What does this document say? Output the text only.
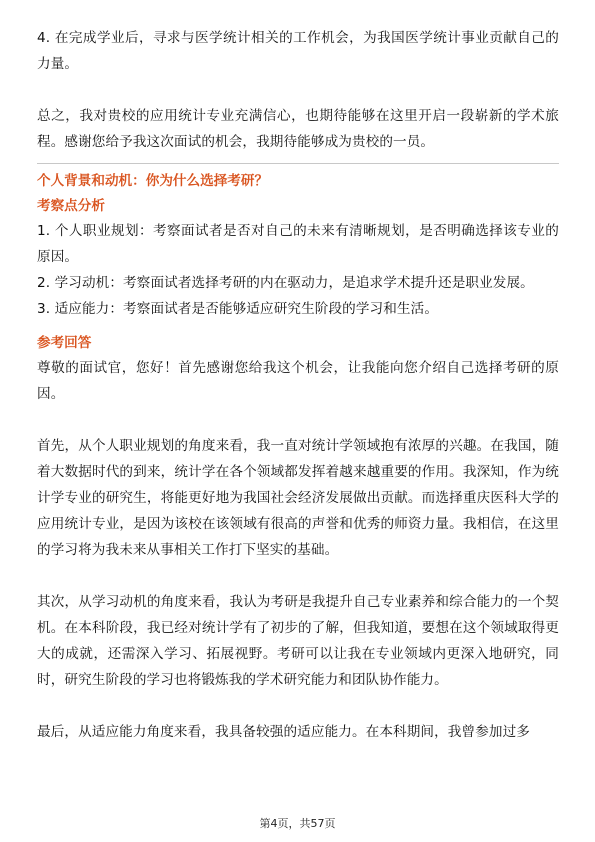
4. 在完成学业后，寻求与医学统计相关的工作机会，为我国医学统计事业贡献自己的力量。

总之，我对贵校的应用统计专业充满信心，也期待能够在这里开启一段崭新的学术旅程。感谢您给予我这次面试的机会，我期待能够成为贵校的一员。

个人背景和动机：你为什么选择考研？

考察点分析

1. 个人职业规划：考察面试者是否对自己的未来有清晰规划，是否明确选择该专业的原因。

2. 学习动机：考察面试者选择考研的内在驱动力，是追求学术提升还是职业发展。

3. 适应能力：考察面试者是否能够适应研究生阶段的学习和生活。

参考回答

尊敬的面试官，您好！首先感谢您给我这个机会，让我能向您介绍自己选择考研的原因。

首先，从个人职业规划的角度来看，我一直对统计学领域抱有浓厚的兴趣。在我国，随着大数据时代的到来，统计学在各个领域都发挥着越来越重要的作用。我深知，作为统计学专业的研究生，将能更好地为我国社会经济发展做出贡献。而选择重庆医科大学的应用统计专业，是因为该校在该领域有很高的声誉和优秀的师资力量。我相信，在这里的学习将为我未来从事相关工作打下坚实的基础。

其次，从学习动机的角度来看，我认为考研是我提升自己专业素养和综合能力的一个契机。在本科阶段，我已经对统计学有了初步的了解，但我知道，要想在这个领域取得更大的成就，还需深入学习、拓展视野。考研可以让我在专业领域内更深入地研究，同时，研究生阶段的学习也将锻炼我的学术研究能力和团队协作能力。

最后，从适应能力角度来看，我具备较强的适应能力。在本科期间，我曾参加过多

第4页，共57页
